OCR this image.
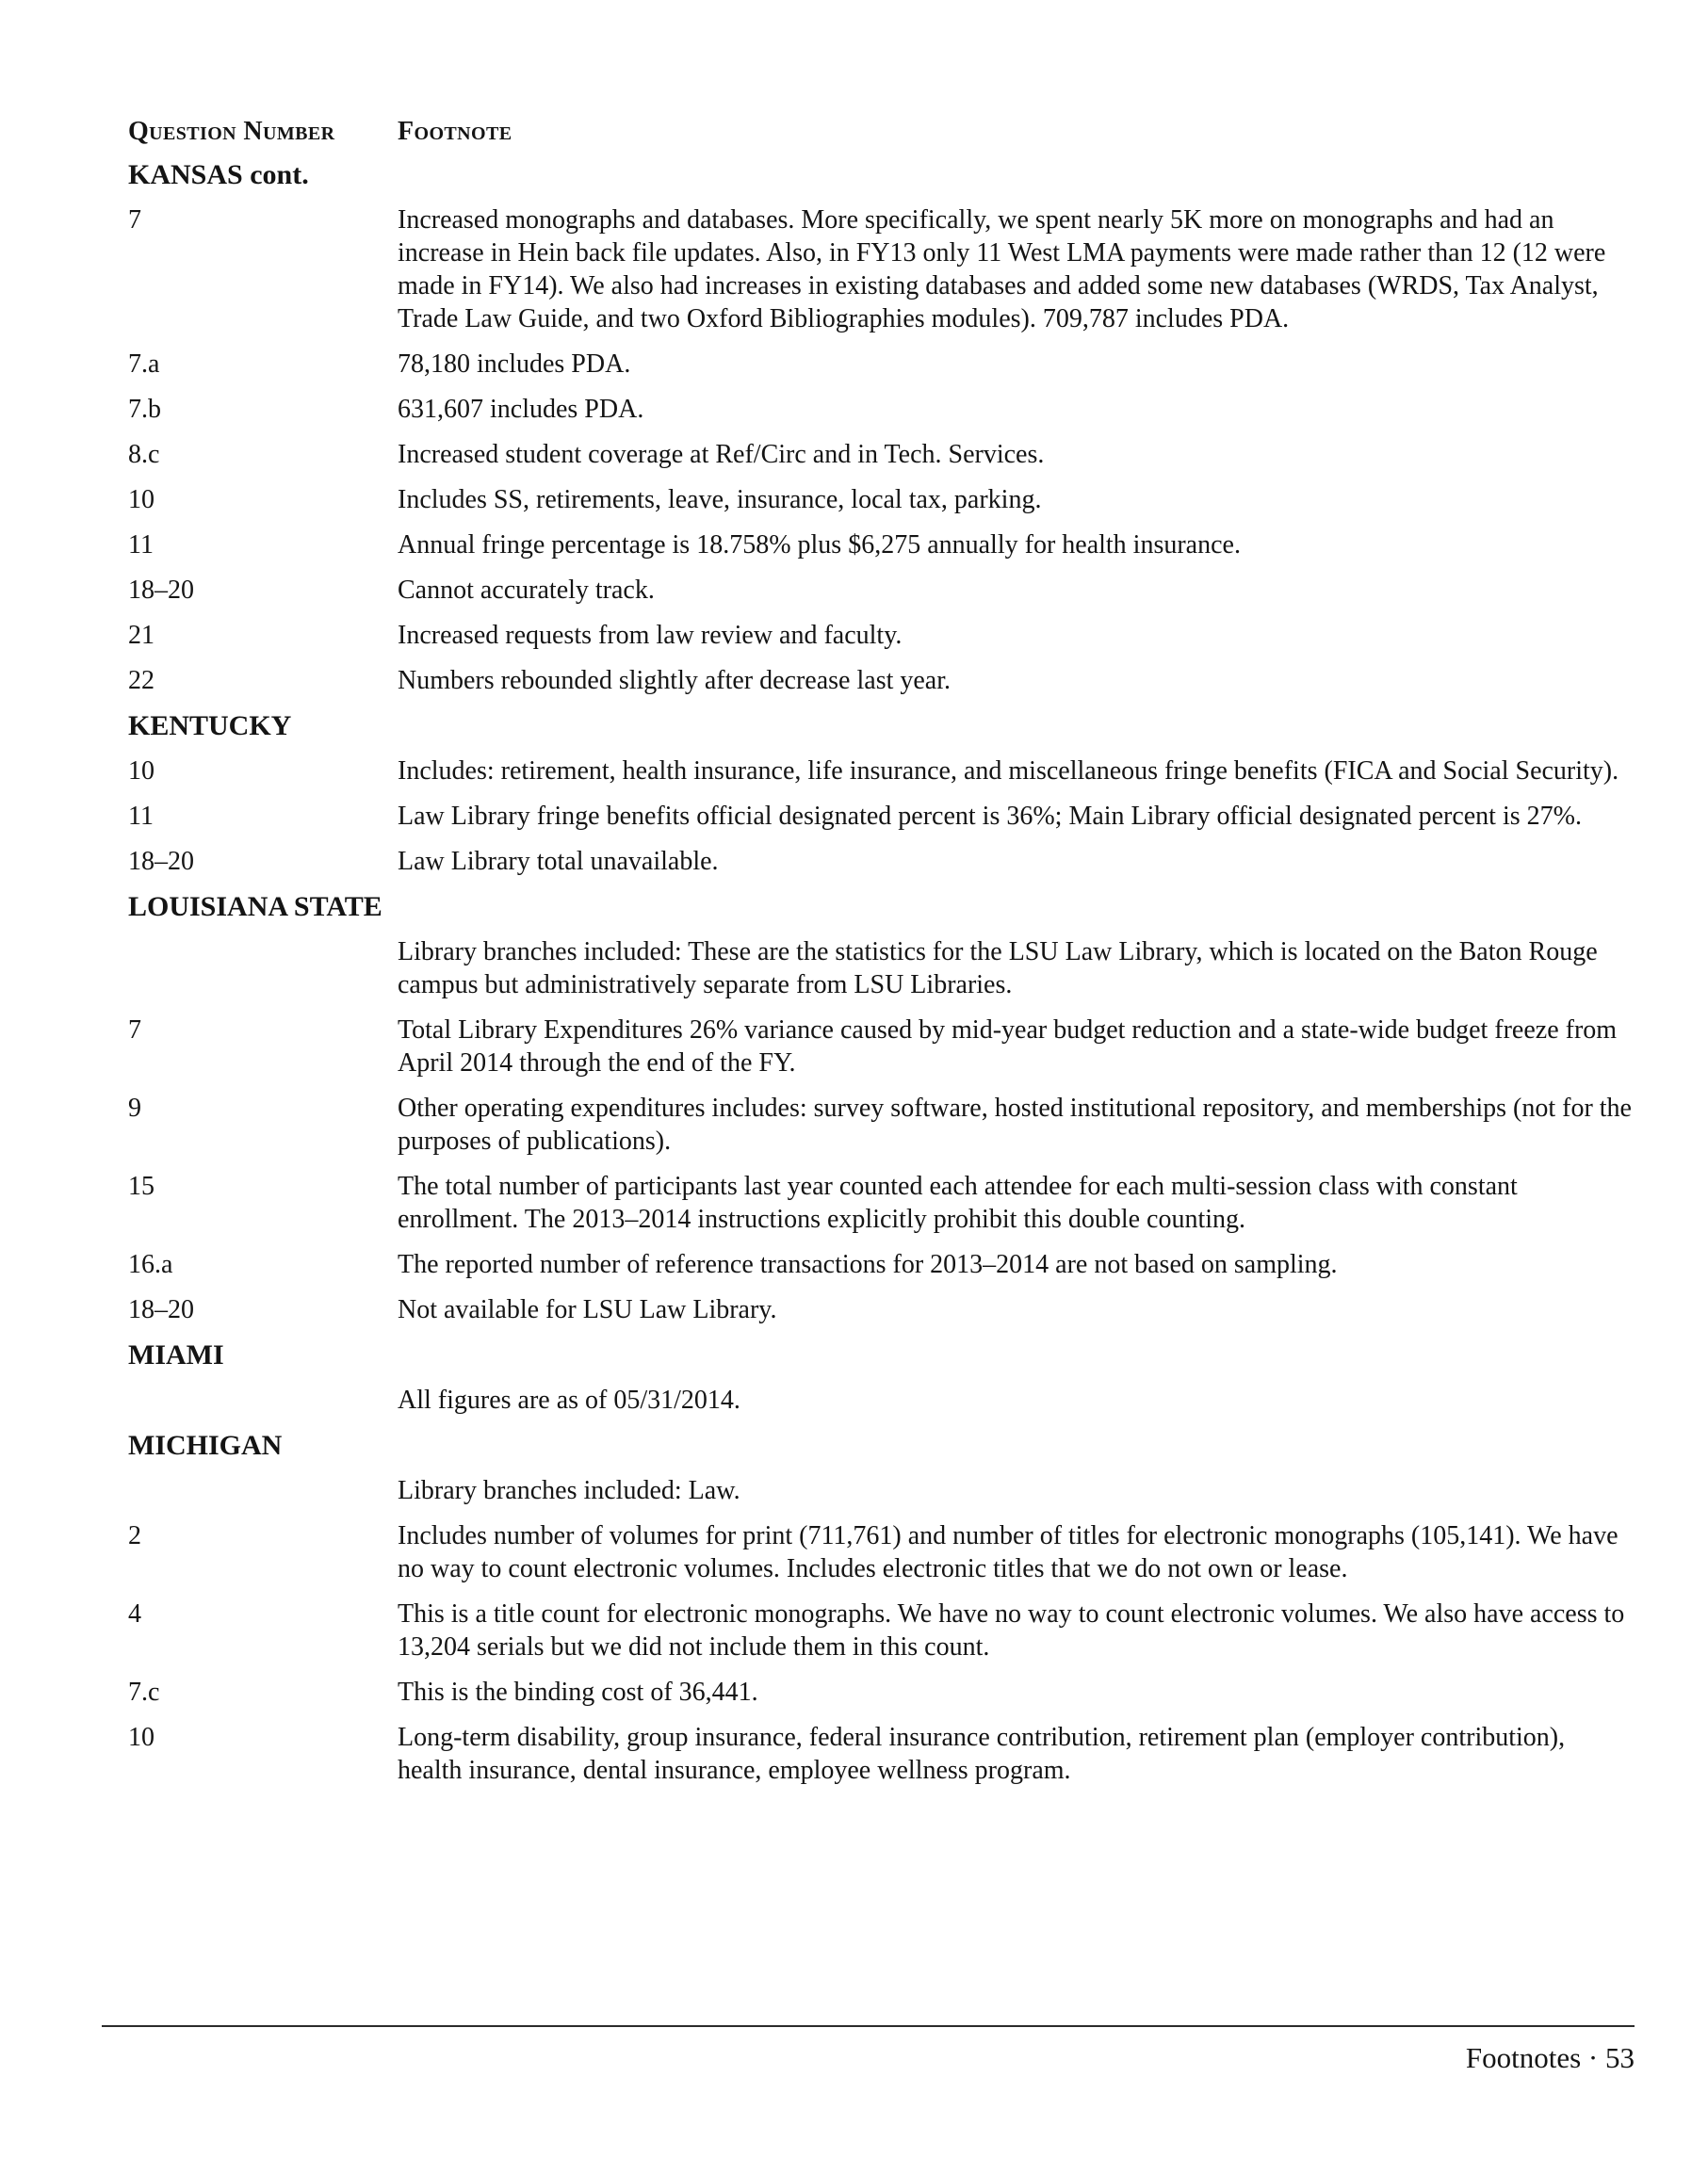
Question Number	Footnote
KANSAS cont.
7	Increased monographs and databases. More specifically, we spent nearly 5K more on monographs and had an increase in Hein back file updates. Also, in FY13 only 11 West LMA payments were made rather than 12 (12 were made in FY14). We also had increases in existing databases and added some new databases (WRDS, Tax Analyst, Trade Law Guide, and two Oxford Bibliographies modules). 709,787 includes PDA.
7.a	78,180 includes PDA.
7.b	631,607 includes PDA.
8.c	Increased student coverage at Ref/Circ and in Tech. Services.
10	Includes SS, retirements, leave, insurance, local tax, parking.
11	Annual fringe percentage is 18.758% plus $6,275 annually for health insurance.
18–20	Cannot accurately track.
21	Increased requests from law review and faculty.
22	Numbers rebounded slightly after decrease last year.
KENTUCKY
10	Includes: retirement, health insurance, life insurance, and miscellaneous fringe benefits (FICA and Social Security).
11	Law Library fringe benefits official designated percent is 36%; Main Library official designated percent is 27%.
18–20	Law Library total unavailable.
LOUISIANA STATE
Library branches included: These are the statistics for the LSU Law Library, which is located on the Baton Rouge campus but administratively separate from LSU Libraries.
7	Total Library Expenditures 26% variance caused by mid-year budget reduction and a state-wide budget freeze from April 2014 through the end of the FY.
9	Other operating expenditures includes: survey software, hosted institutional repository, and memberships (not for the purposes of publications).
15	The total number of participants last year counted each attendee for each multi-session class with constant enrollment. The 2013–2014 instructions explicitly prohibit this double counting.
16.a	The reported number of reference transactions for 2013–2014 are not based on sampling.
18–20	Not available for LSU Law Library.
MIAMI
All figures are as of 05/31/2014.
MICHIGAN
Library branches included: Law.
2	Includes number of volumes for print (711,761) and number of titles for electronic monographs (105,141). We have no way to count electronic volumes. Includes electronic titles that we do not own or lease.
4	This is a title count for electronic monographs. We have no way to count electronic volumes. We also have access to 13,204 serials but we did not include them in this count.
7.c	This is the binding cost of 36,441.
10	Long-term disability, group insurance, federal insurance contribution, retirement plan (employer contribution), health insurance, dental insurance, employee wellness program.
Footnotes · 53
